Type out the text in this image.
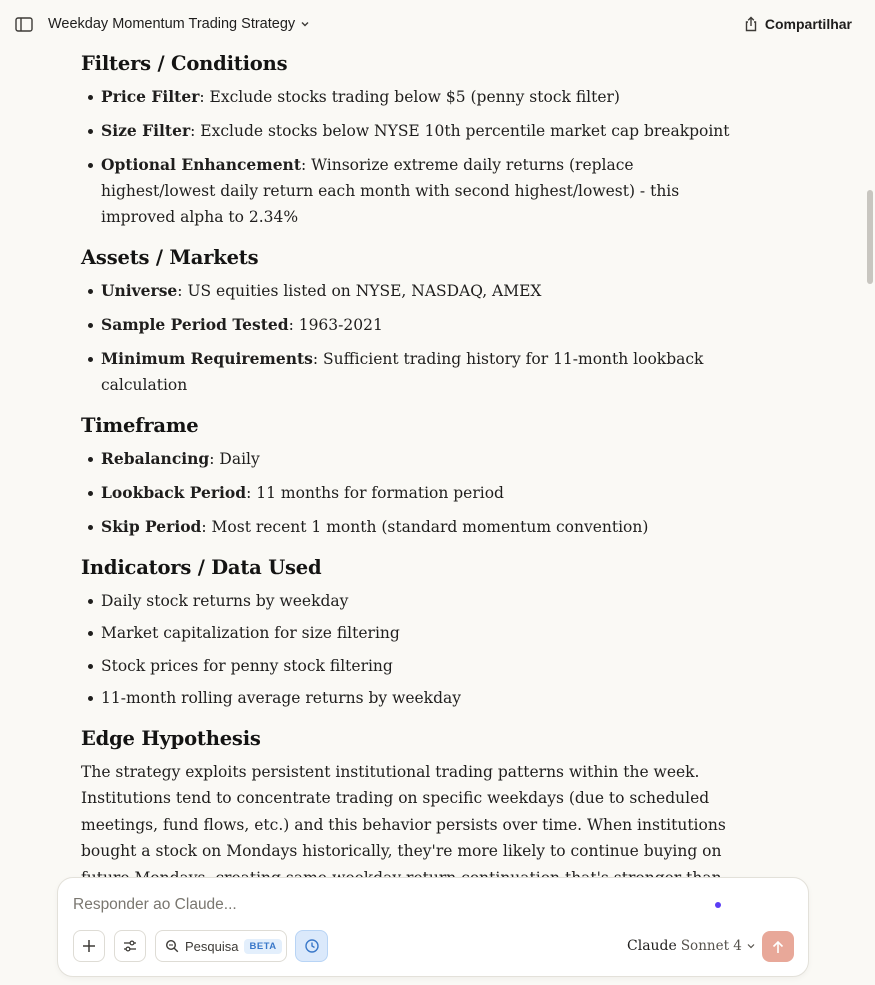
Weekday Momentum Trading Strategy	Compartilhar
Filters / Conditions
Price Filter: Exclude stocks trading below $5 (penny stock filter)
Size Filter: Exclude stocks below NYSE 10th percentile market cap breakpoint
Optional Enhancement: Winsorize extreme daily returns (replace highest/lowest daily return each month with second highest/lowest) - this improved alpha to 2.34%
Assets / Markets
Universe: US equities listed on NYSE, NASDAQ, AMEX
Sample Period Tested: 1963-2021
Minimum Requirements: Sufficient trading history for 11-month lookback calculation
Timeframe
Rebalancing: Daily
Lookback Period: 11 months for formation period
Skip Period: Most recent 1 month (standard momentum convention)
Indicators / Data Used
Daily stock returns by weekday
Market capitalization for size filtering
Stock prices for penny stock filtering
11-month rolling average returns by weekday
Edge Hypothesis

The strategy exploits persistent institutional trading patterns within the week. Institutions tend to concentrate trading on specific weekdays (due to scheduled meetings, fund flows, etc.) and this behavior persists over time. When institutions bought a stock on Mondays historically, they're more likely to continue buying on

Responder ao Claude...
Pesquisa	BETA	Claude Sonnet 4
